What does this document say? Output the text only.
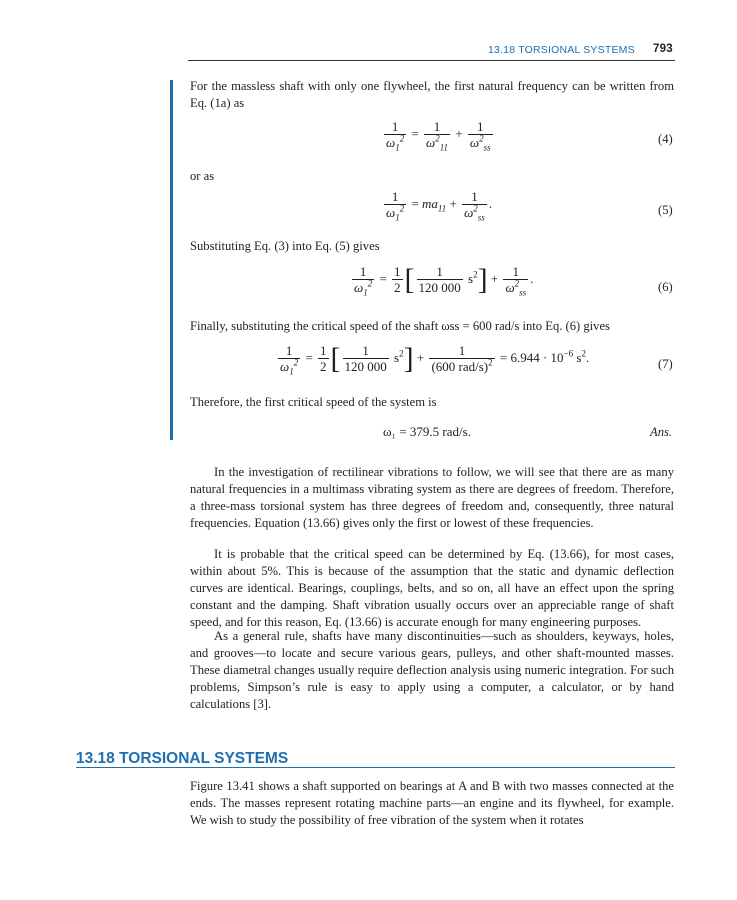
13.18 TORSIONAL SYSTEMS 793

For the massless shaft with only one flywheel, the first natural frequency can be written from Eq. (1a) as

$\frac{1}{\omega_1^2} = \frac{1}{\omega^2_{11}} + \frac{1}{\omega^2_{ss}}$	(4)

or as

$\frac{1}{\omega_1^2} = ma_{11} + \frac{1}{\omega^2_{ss}}$ .	(5)

Substituting Eq. (3) into Eq. (5) gives

$\frac{1}{\omega_1^2} = \frac{1}{2}$ [ $\frac{1}{120 000} s^2] + \frac{1}{\omega^2_{ss}}$ .
(6)

Finally, substituting the critical speed of the shaft ωss = 600 rad/s into Eq. (6) gives

$\frac{1}{\omega_1^2} = \frac{1}{2}$ [ $\frac{1}{120 000} s^2] + \frac{1}{(600 rad/s)^2} = 6.944 \cdot 10^{-6}$ $s^2$.	(7)

Therefore, the first critical speed of the system is

ω₁ = 379.5 rad/s.	Ans.

In the investigation of rectilinear vibrations to follow, we will see that there are as many natural frequencies in a multimass vibrating system as there are degrees of freedom. Therefore, a three-mass torsional system has three degrees of freedom and, consequently, three natural frequencies. Equation (13.66) gives only the first or lowest of these frequencies.

It is probable that the critical speed can be determined by Eq. (13.66), for most cases, within about 5%. This is because of the assumption that the static and dynamic deflection curves are identical. Bearings, couplings, belts, and so on, all have an effect upon the spring constant and the damping. Shaft vibration usually occurs over an appreciable range of shaft speed, and for this reason, Eq. (13.66) is accurate enough for many engineering purposes.

As a general rule, shafts have many discontinuities—such as shoulders, keyways, holes, and grooves—to locate and secure various gears, pulleys, and other shaft-mounted masses. These diametral changes usually require deflection analysis using numeric integration. For such problems, Simpson’s rule is easy to apply using a computer, a calculator, or by hand calculations [3].

13.18 TORSIONAL SYSTEMS

Figure 13.41 shows a shaft supported on bearings at A and B with two masses connected at the ends. The masses represent rotating machine parts—an engine and its flywheel, for example. We wish to study the possibility of free vibration of the system when it rotates
